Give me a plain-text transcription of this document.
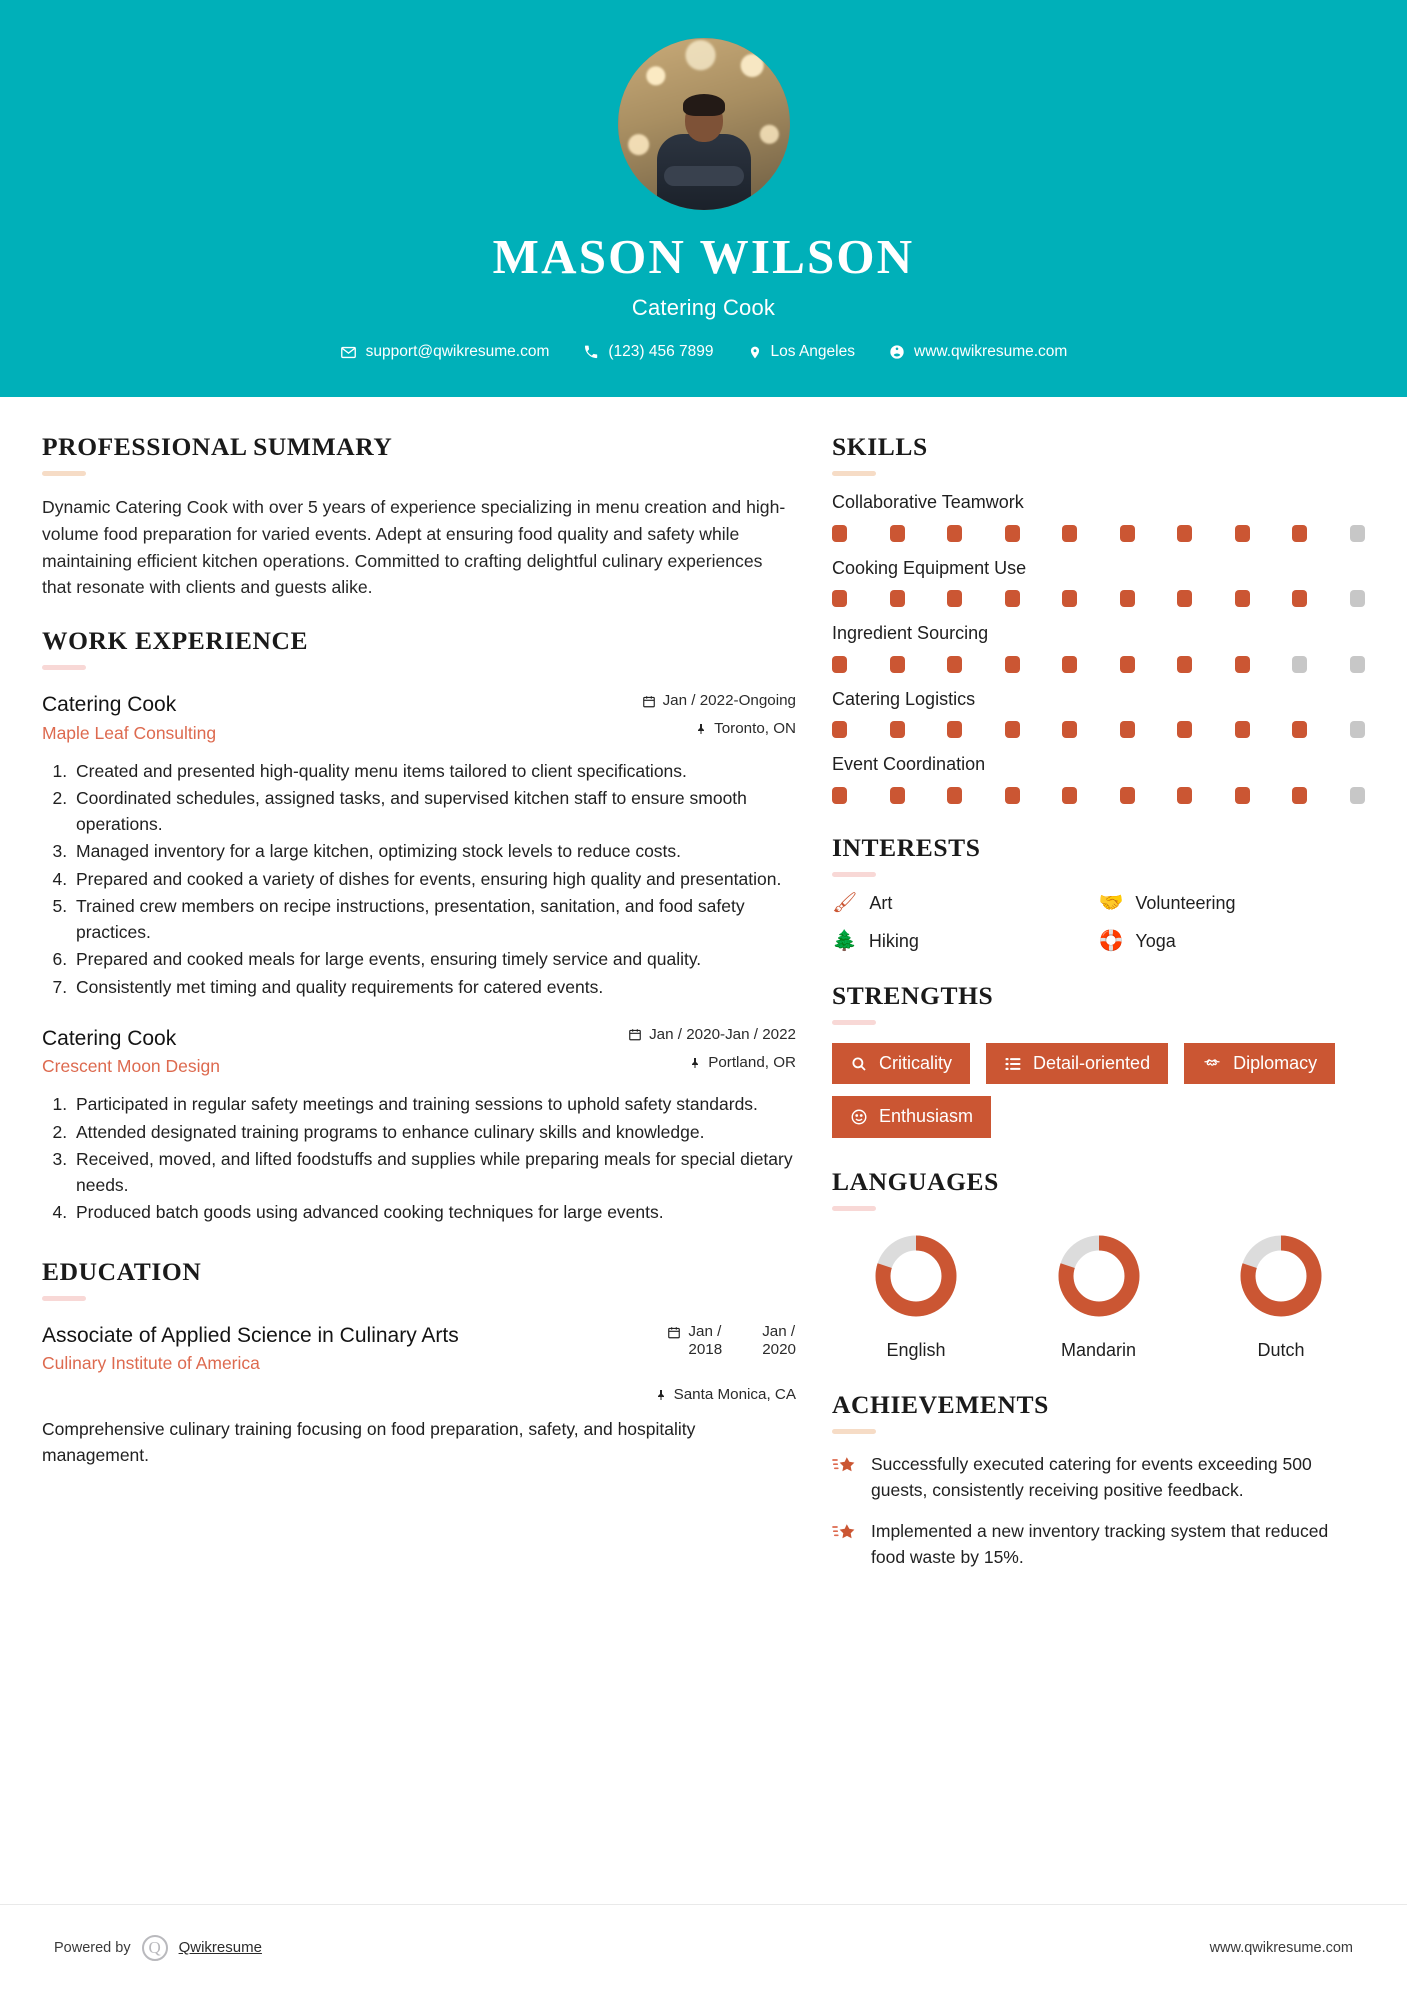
MASON WILSON
Catering Cook
support@qwikresume.com	(123) 456 7899	Los Angeles	www.qwikresume.com
PROFESSIONAL SUMMARY

Dynamic Catering Cook with over 5 years of experience specializing in menu creation and high-volume food preparation for varied events. Adept at ensuring food quality and safety while maintaining efficient kitchen operations. Committed to crafting delightful culinary experiences that resonate with clients and guests alike.

WORK EXPERIENCE
Catering Cook
Maple Leaf Consulting
Jan / 2022-Ongoing
Toronto, ON
1. Created and presented high-quality menu items tailored to client specifications.
2. Coordinated schedules, assigned tasks, and supervised kitchen staff to ensure smooth operations.
3. Managed inventory for a large kitchen, optimizing stock levels to reduce costs.
4. Prepared and cooked a variety of dishes for events, ensuring high quality and presentation.
5. Trained crew members on recipe instructions, presentation, sanitation, and food safety practices.
6. Prepared and cooked meals for large events, ensuring timely service and quality.
7. Consistently met timing and quality requirements for catered events.
Catering Cook
Crescent Moon Design
Jan / 2020-Jan / 2022
Portland, OR
1. Participated in regular safety meetings and training sessions to uphold safety standards.
2. Attended designated training programs to enhance culinary skills and knowledge.
3. Received, moved, and lifted foodstuffs and supplies while preparing meals for special dietary needs.
4. Produced batch goods using advanced cooking techniques for large events.
EDUCATION
Associate of Applied Science in Culinary Arts
Culinary Institute of America
Jan /
2018
Jan /
2020
Santa Monica, CA

Comprehensive culinary training focusing on food preparation, safety, and hospitality management.

SKILLS
Collaborative Teamwork
Cooking Equipment Use
Ingredient Sourcing
Catering Logistics
Event Coordination
INTERESTS
🖌 Art	🤝 Volunteering
🌲 Hiking	🛟 Yoga
STRENGTHS
Criticality	Detail-oriented	Diplomacy
Enthusiasm
LANGUAGES
English	Mandarin	Dutch
ACHIEVEMENTS
Successfully executed catering for events exceeding 500 guests, consistently receiving positive feedback.
Implemented a new inventory tracking system that reduced food waste by 15%.
Powered by	Q	Qwikresume	www.qwikresume.com
